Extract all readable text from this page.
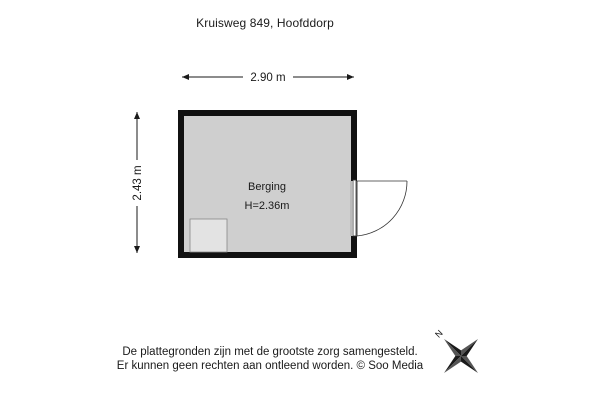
Kruisweg 849, Hoofddorp
2.90 m
2.43 m	Berging
H=2.36m
N
De plattegronden zijn met de grootste zorg samengesteld.
Er kunnen geen rechten aan ontleend worden. © Soo Media
